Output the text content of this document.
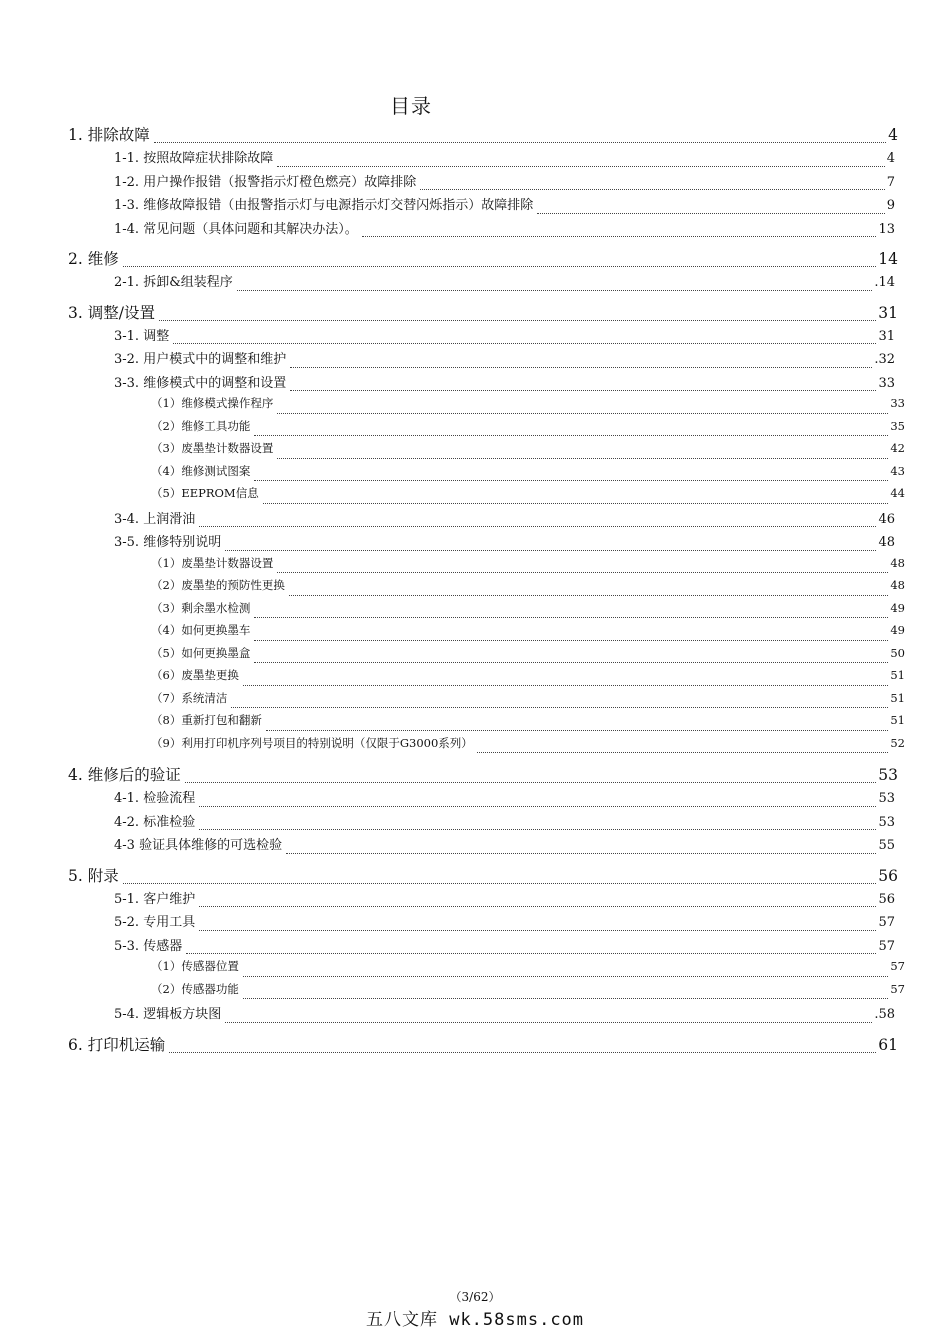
目录
1. 排除故障	4
1-1. 按照故障症状排除故障	4
1-2. 用户操作报错（报警指示灯橙色燃亮）故障排除	7
1-3. 维修故障报错（由报警指示灯与电源指示灯交替闪烁指示）故障排除	9
1-4. 常见问题（具体问题和其解决办法）。	13
2. 维修	14
2-1. 拆卸&组装程序	.14
3. 调整/设置	31
3-1. 调整	31
3-2. 用户模式中的调整和维护	.32
3-3. 维修模式中的调整和设置	33
（1）维修模式操作程序	33
（2）维修工具功能	35
（3）废墨垫计数器设置	42
（4）维修测试图案	43
（5）EEPROM信息	44
3-4. 上润滑油	46
3-5. 维修特别说明	48
（1）废墨垫计数器设置	48
（2）废墨垫的预防性更换	48
（3）剩余墨水检测	49
（4）如何更换墨车	49
（5）如何更换墨盒	50
（6）废墨垫更换	51
（7）系统清洁	51
（8）重新打包和翻新	51
（9）利用打印机序列号项目的特别说明（仅限于G3000系列）	52
4. 维修后的验证	53
4-1. 检验流程	53
4-2. 标准检验	53
4-3 验证具体维修的可选检验	55
5. 附录	56
5-1. 客户维护	56
5-2. 专用工具	57
5-3. 传感器	57
（1）传感器位置	57
（2）传感器功能	57
5-4. 逻辑板方块图	.58
6. 打印机运输	61
（3/62）
五八文库 wk.58sms.com
